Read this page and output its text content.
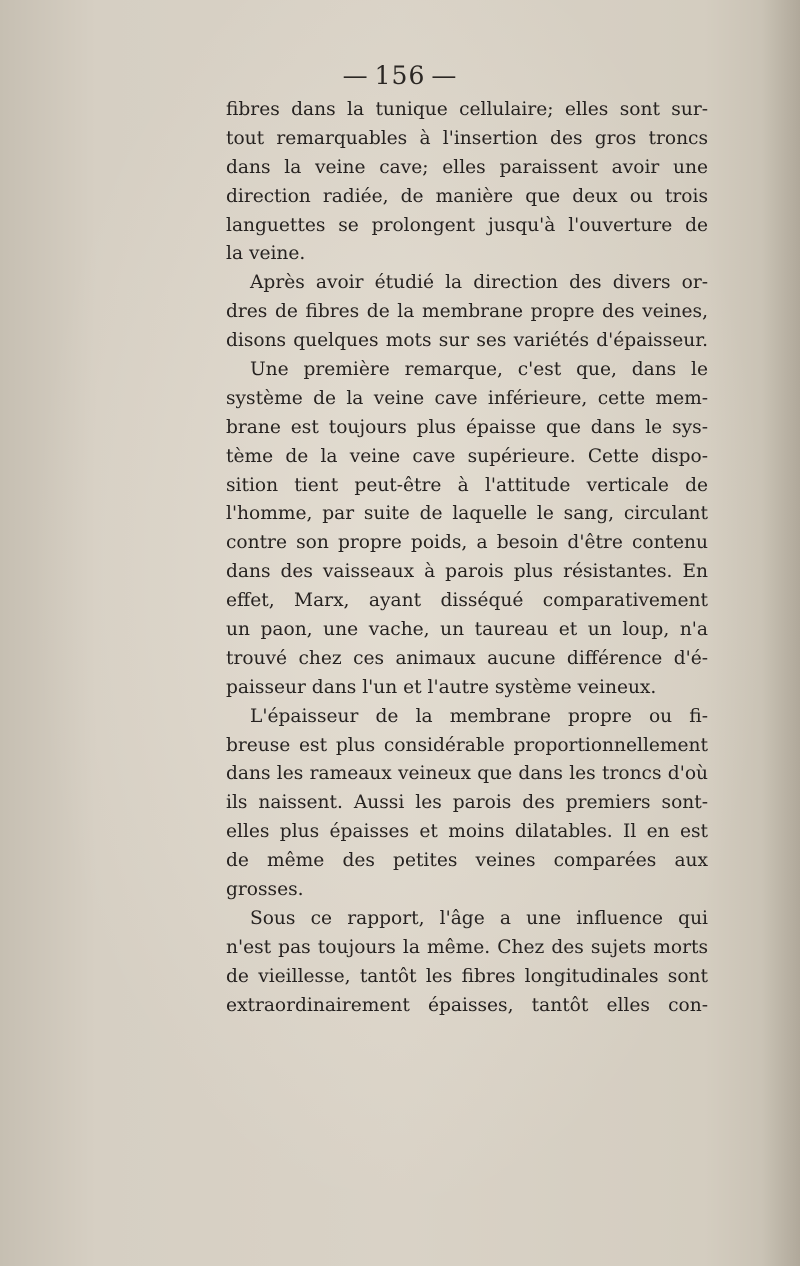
— 156 —
fibres dans la tunique cellulaire; elles sont sur-
tout remarquables à l'insertion des gros troncs
dans la veine cave; elles paraissent avoir une
direction radiée, de manière que deux ou trois
languettes se prolongent jusqu'à l'ouverture de
la veine.
Après avoir étudié la direction des divers or-
dres de fibres de la membrane propre des veines,
disons quelques mots sur ses variétés d'épaisseur.
Une première remarque, c'est que, dans le
système de la veine cave inférieure, cette mem-
brane est toujours plus épaisse que dans le sys-
tème de la veine cave supérieure. Cette dispo-
sition tient peut-être à l'attitude verticale de
l'homme, par suite de laquelle le sang, circulant
contre son propre poids, a besoin d'être contenu
dans des vaisseaux à parois plus résistantes. En
effet, Marx, ayant disséqué comparativement
un paon, une vache, un taureau et un loup, n'a
trouvé chez ces animaux aucune différence d'é-
paisseur dans l'un et l'autre système veineux.
L'épaisseur de la membrane propre ou fi-
breuse est plus considérable proportionnellement
dans les rameaux veineux que dans les troncs d'où
ils naissent. Aussi les parois des premiers sont-
elles plus épaisses et moins dilatables. Il en est
de même des petites veines comparées aux
grosses.
Sous ce rapport, l'âge a une influence qui
n'est pas toujours la même. Chez des sujets morts
de vieillesse, tantôt les fibres longitudinales sont
extraordinairement épaisses, tantôt elles con-
